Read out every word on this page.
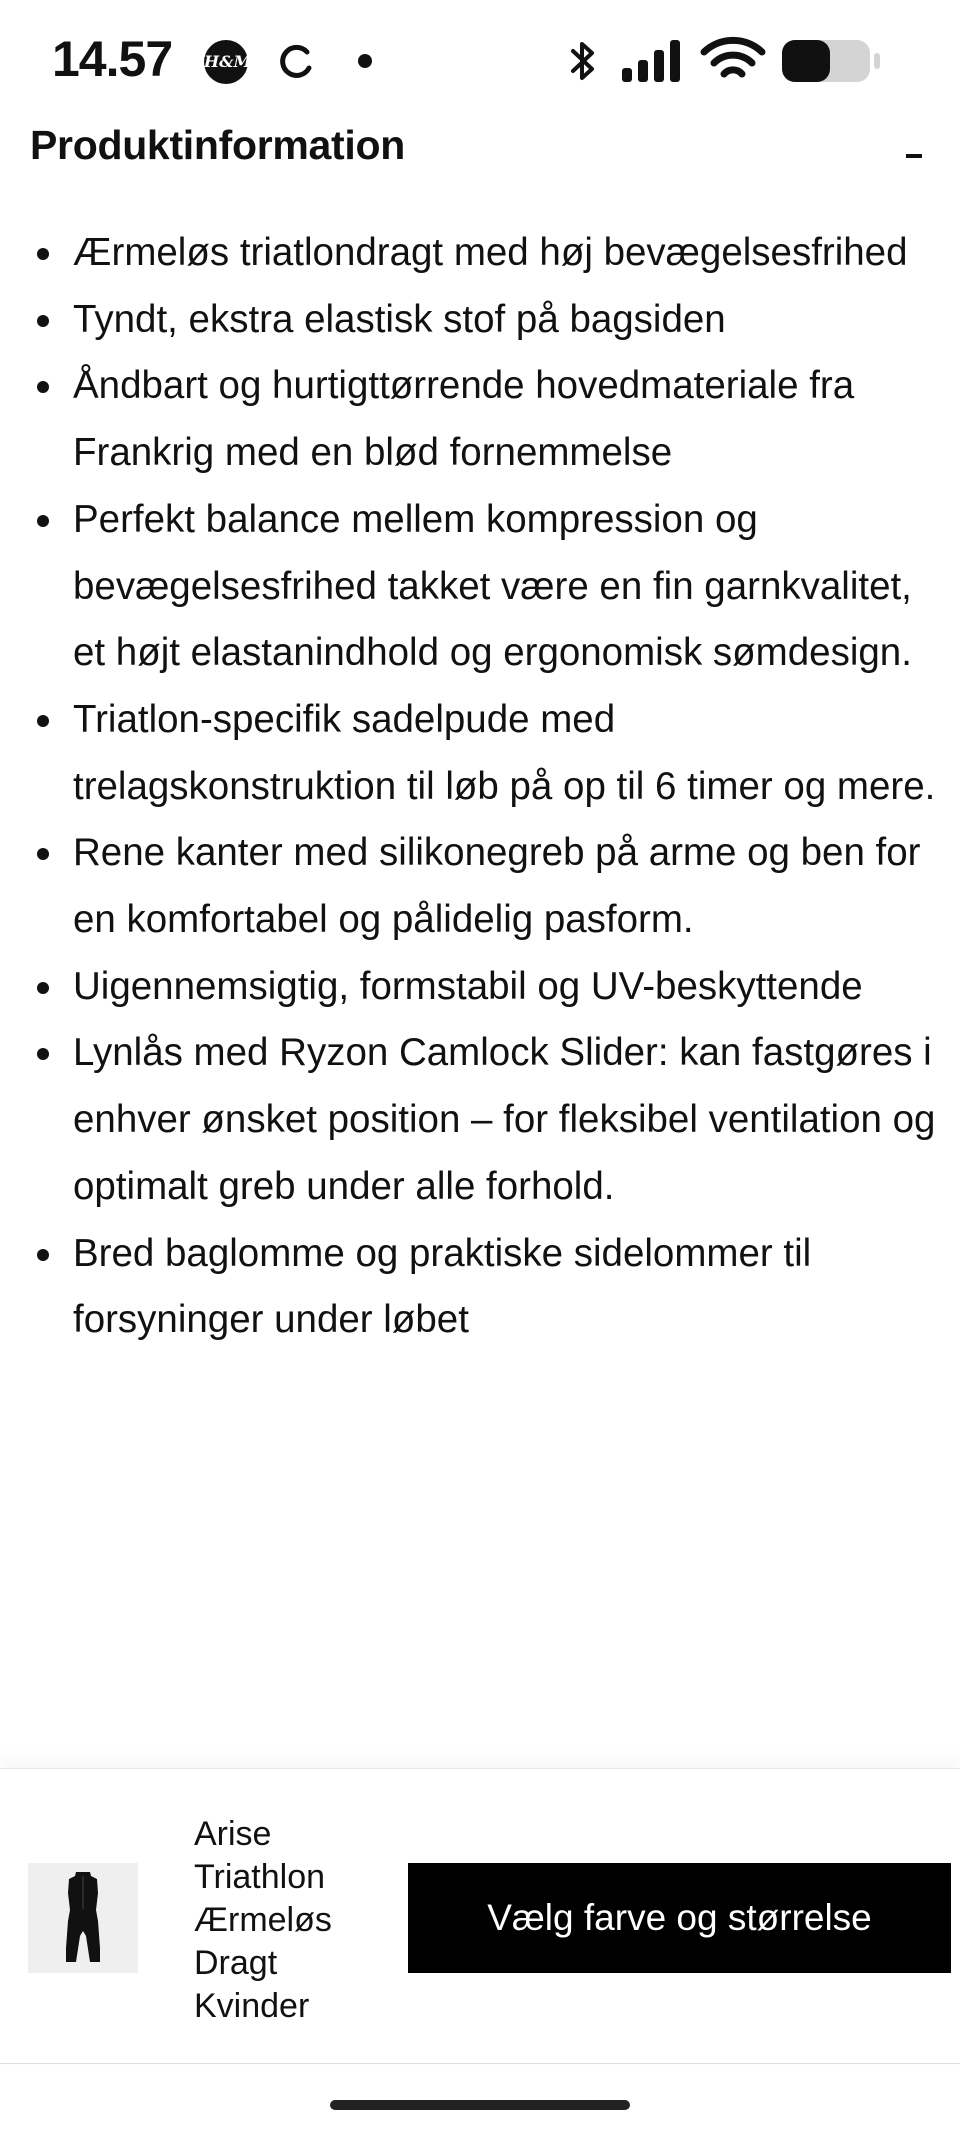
14.57 H&M
Produktinformation
Ærmeløs triatlondragt med høj bevægelsesfrihed
Tyndt, ekstra elastisk stof på bagsiden
Åndbart og hurtigttørrende hovedmateriale fra Frankrig med en blød fornemmelse
Perfekt balance mellem kompression og bevægelsesfrihed takket være en fin garnkvalitet, et højt elastanindhold og ergonomisk sømdesign.
Triatlon-specifik sadelpude med trelagskonstruktion til løb på op til 6 timer og mere.
Rene kanter med silikonegreb på arme og ben for en komfortabel og pålidelig pasform.
Uigennemsigtig, formstabil og UV-beskyttende
Lynlås med Ryzon Camlock Slider: kan fastgøres i enhver ønsket position – for fleksibel ventilation og optimalt greb under alle forhold.
Bred baglomme og praktiske sidelommer til forsyninger under løbet
Arise Triathlon Ærmeløs Dragt Kvinder
Vælg farve og størrelse
